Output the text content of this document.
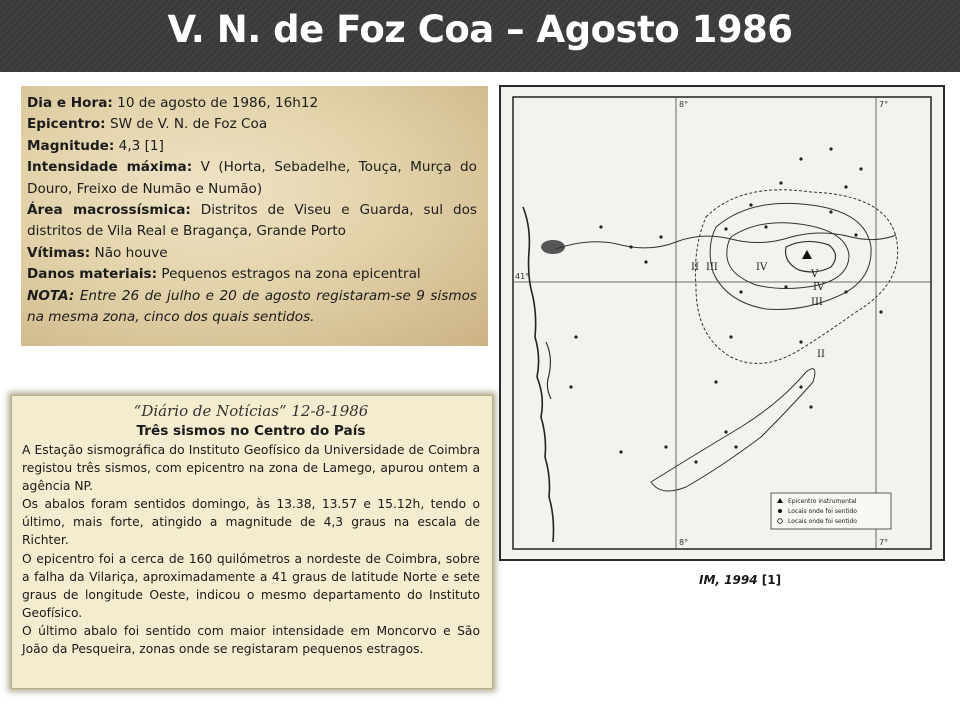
V. N. de Foz Coa – Agosto 1986

Dia e Hora: 10 de agosto de 1986, 16h12

Epicentro: SW de V. N. de Foz Coa

Magnitude: 4,3 [1]

Intensidade máxima: V (Horta, Sebadelhe, Touça, Murça do Douro, Freixo de Numão e Numão)

Área macrossísmica: Distritos de Viseu e Guarda, sul dos distritos de Vila Real e Bragança, Grande Porto

Vítimas: Não houve

Danos materiais: Pequenos estragos na zona epicentral

NOTA: Entre 26 de julho e 20 de agosto registaram-se 9 sismos na mesma zona, cinco dos quais sentidos.

“Diário de Notícias” 12-8-1986
Três sismos no Centro do País

A Estação sismográfica do Instituto Geofísico da Universidade de Coimbra registou três sismos, com epicentro na zona de Lamego, apurou ontem a agência NP.

Os abalos foram sentidos domingo, às 13.38, 13.57 e 15.12h, tendo o último, mais forte, atingido a magnitude de 4,3 graus na escala de Richter.

O epicentro foi a cerca de 160 quilómetros a nordeste de Coimbra, sobre a falha da Vilariça, aproximadamente a 41 graus de latitude Norte e sete graus de longitude Oeste, indicou o mesmo departamento do Instituto Geofísico.

O último abalo foi sentido com maior intensidade em Moncorvo e São João da Pesqueira, zonas onde se registaram pequenos estragos.

41°
8°	7°
8°	7°
II III	IV
V
IV
III
II
Epicentro instrumental
Locais onde foi sentido
Locais onde foi sentido
IM, 1994 [1]
